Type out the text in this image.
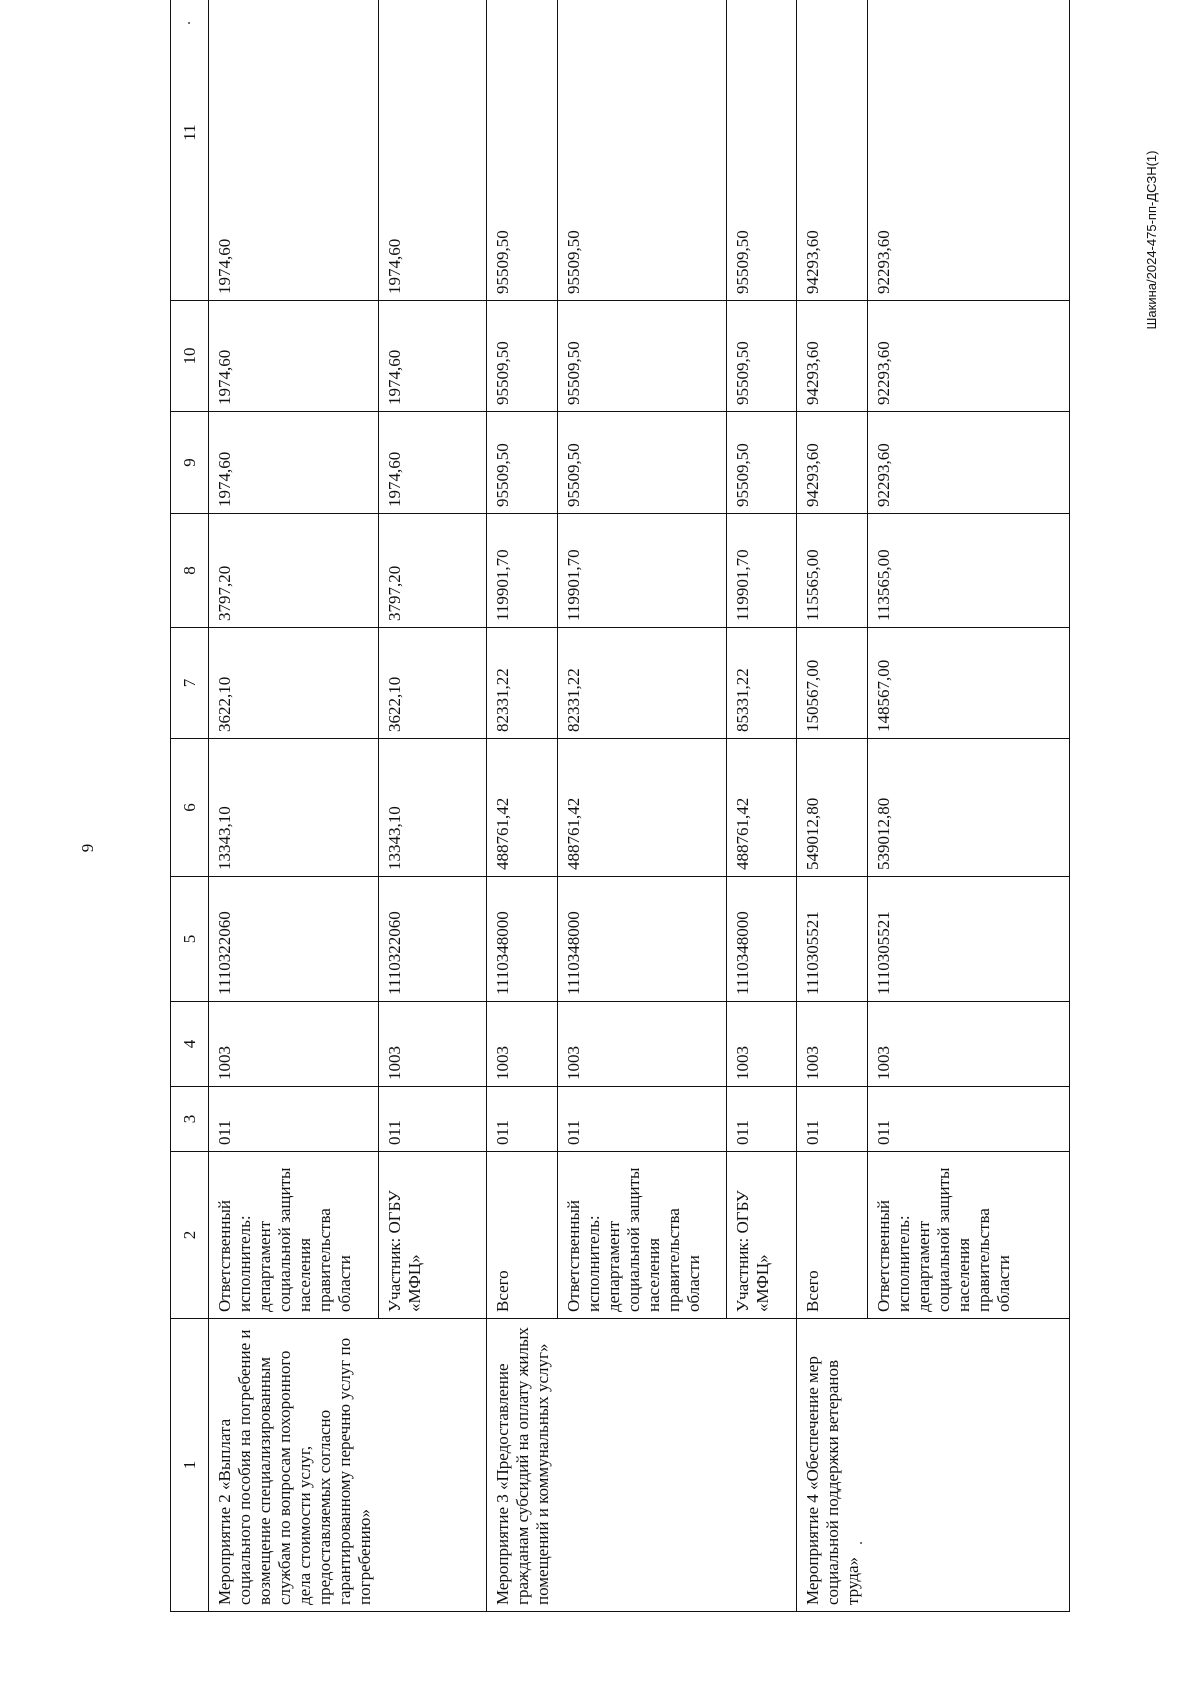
9
Шакина/2024-475-пп-ДСЗН(1)
1	2	3	4	5	6	7	8	9	10	11
Мероприятие 2 «Выплата социального пособия на погребение и возмещение специализированным службам по вопросам похоронного дела стоимости услуг, предоставляемых согласно гарантированному перечню услуг по погребению»	Ответственный исполнитель: департамент социальной защиты населения правительства области	011	1003	1110322060	13343,10	3622,10	3797,20	1974,60	1974,60	1974,60
	Участник: ОГБУ «МФЦ»	011	1003	1110322060	13343,10	3622,10	3797,20	1974,60	1974,60	1974,60
Мероприятие 3 «Предоставление гражданам субсидий на оплату жилых помещений и коммунальных услуг»	Всего	011	1003	1110348000	488761,42	82331,22	119901,70	95509,50	95509,50	95509,50
	Ответственный исполнитель: департамент социальной защиты населения правительства области	011	1003	1110348000	488761,42	82331,22	119901,70	95509,50	95509,50	95509,50
	Участник: ОГБУ «МФЦ»	011	1003	1110348000	488761,42	85331,22	119901,70	95509,50	95509,50	95509,50
Мероприятие 4 «Обеспечение мер социальной поддержки ветеранов труда»	Всего	011	1003	1110305521	549012,80	150567,00	115565,00	94293,60	94293,60	94293,60
	Ответственный исполнитель: департамент социальной защиты населения правительства области	011	1003	1110305521	539012,80	148567,00	113565,00	92293,60	92293,60	92293,60
